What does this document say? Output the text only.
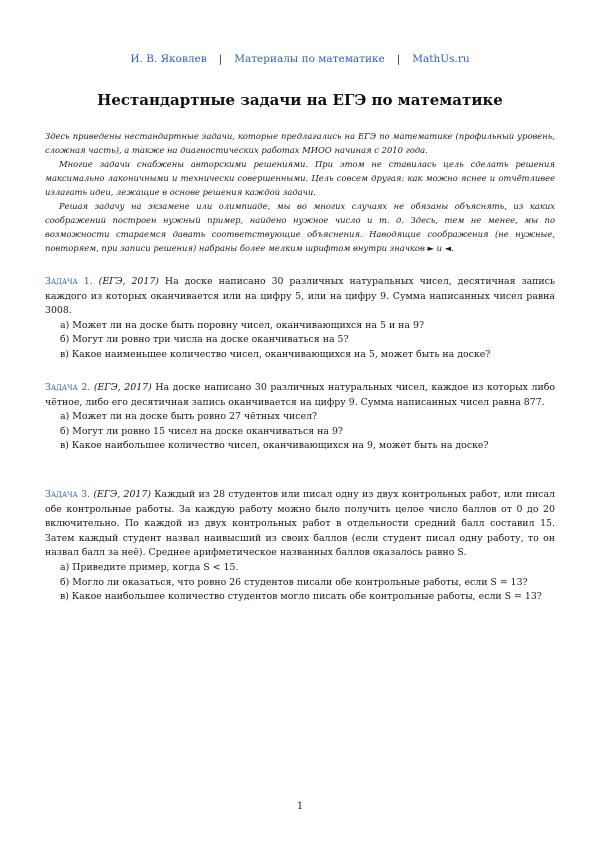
И. В. Яковлев | Материалы по математике | MathUs.ru
Нестандартные задачи на ЕГЭ по математике

Здесь приведены нестандартные задачи, которые предлагались на ЕГЭ по математике (профильный уровень, сложная часть), а также на диагностических работах МИОО начиная с 2010 года.

Многие задачи снабжены авторскими решениями. При этом не ставилась цель сделать решения максимально лаконичными и технически совершенными. Цель совсем другая: как можно яснее и отчётливее излагать идеи, лежащие в основе решения каждой задачи.

Решая задачу на экзамене или олимпиаде, мы во многих случаях не обязаны объяснять, из каких соображений построен нужный пример, найдено нужное число и т. д. Здесь, тем не менее, мы по возможности стараемся давать соответствующие объяснения. Наводящие соображения (не нужные, повторяем, при записи решения) набраны более мелким шрифтом внутри значков ► и ◄.

Задача 1. (ЕГЭ, 2017) На доске написано 30 различных натуральных чисел, десятичная запись каждого из которых оканчивается или на цифру 5, или на цифру 9. Сумма написанных чисел равна 3008.

а) Может ли на доске быть поровну чисел, оканчивающихся на 5 и на 9?

б) Могут ли ровно три числа на доске оканчиваться на 5?

в) Какое наименьшее количество чисел, оканчивающихся на 5, может быть на доске?

Задача 2. (ЕГЭ, 2017) На доске написано 30 различных натуральных чисел, каждое из которых либо чётное, либо его десятичная запись оканчивается на цифру 9. Сумма написанных чисел равна 877.

а) Может ли на доске быть ровно 27 чётных чисел?

б) Могут ли ровно 15 чисел на доске оканчиваться на 9?

в) Какое наибольшее количество чисел, оканчивающихся на 9, может быть на доске?

Задача 3. (ЕГЭ, 2017) Каждый из 28 студентов или писал одну из двух контрольных работ, или писал обе контрольные работы. За каждую работу можно было получить целое число баллов от 0 до 20 включительно. По каждой из двух контрольных работ в отдельности средний балл составил 15. Затем каждый студент назвал наивысший из своих баллов (если студент писал одну работу, то он назвал балл за неё). Среднее арифметическое названных баллов оказалось равно S.

а) Приведите пример, когда S < 15.

б) Могло ли оказаться, что ровно 26 студентов писали обе контрольные работы, если S = 13?

в) Какое наибольшее количество студентов могло писать обе контрольные работы, если S = 13?

1
